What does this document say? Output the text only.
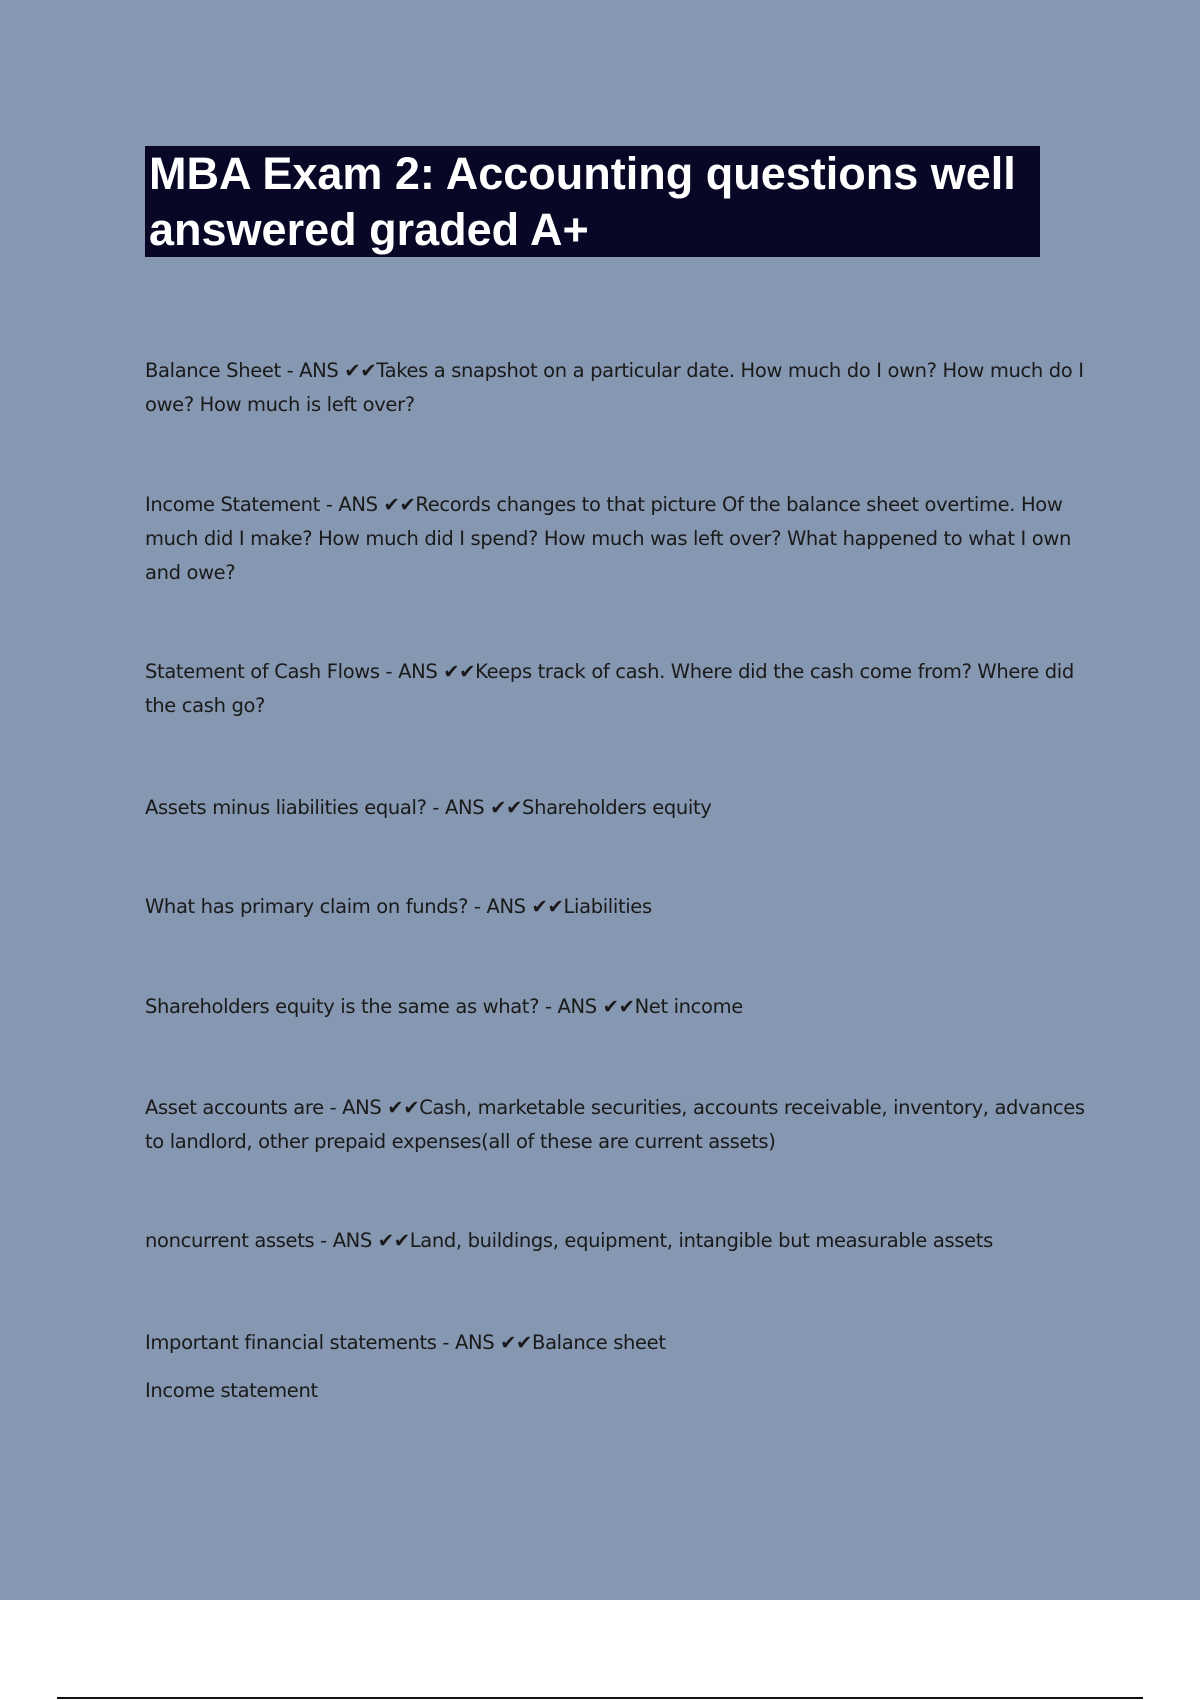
MBA Exam 2: Accounting questions well answered graded A+

Balance Sheet - ANS ✔✔Takes a snapshot on a particular date. How much do I own? How much do I owe? How much is left over?

Income Statement - ANS ✔✔Records changes to that picture Of the balance sheet overtime. How much did I make? How much did I spend? How much was left over? What happened to what I own and owe?

Statement of Cash Flows - ANS ✔✔Keeps track of cash. Where did the cash come from? Where did the cash go?

Assets minus liabilities equal? - ANS ✔✔Shareholders equity

What has primary claim on funds? - ANS ✔✔Liabilities

Shareholders equity is the same as what? - ANS ✔✔Net income

Asset accounts are - ANS ✔✔Cash, marketable securities, accounts receivable, inventory, advances to landlord, other prepaid expenses(all of these are current assets)

noncurrent assets - ANS ✔✔Land, buildings, equipment, intangible but measurable assets

Important financial statements - ANS ✔✔Balance sheet

Income statement
